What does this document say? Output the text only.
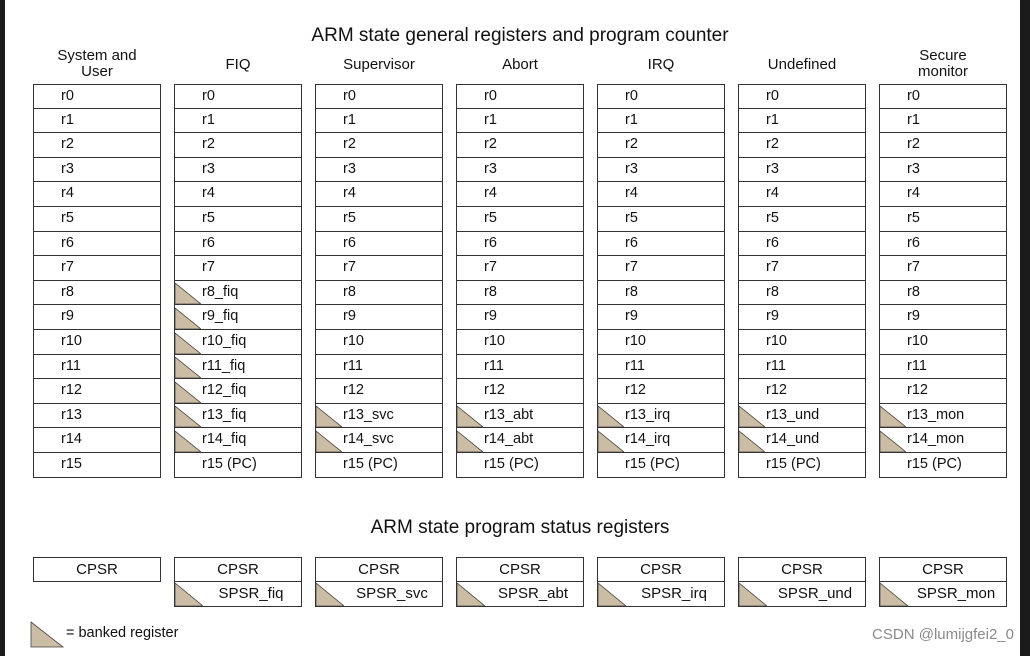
ARM state general registers and program counter
System and
User
r0
r1
r2
r3
r4
r5
r6
r7
r8
r9
r10
r11
r12
r13
r14
r15
FIQ
r0
r1
r2
r3
r4
r5
r6
r7
r8_fiq
r9_fiq
r10_fiq
r11_fiq
r12_fiq
r13_fiq
r14_fiq
r15 (PC)
Supervisor
r0
r1
r2
r3
r4
r5
r6
r7
r8
r9
r10
r11
r12
r13_svc
r14_svc
r15 (PC)
Abort
r0
r1
r2
r3
r4
r5
r6
r7
r8
r9
r10
r11
r12
r13_abt
r14_abt
r15 (PC)
IRQ
r0
r1
r2
r3
r4
r5
r6
r7
r8
r9
r10
r11
r12
r13_irq
r14_irq
r15 (PC)
Undefined
r0
r1
r2
r3
r4
r5
r6
r7
r8
r9
r10
r11
r12
r13_und
r14_und
r15 (PC)
Secure
monitor
r0
r1
r2
r3
r4
r5
r6
r7
r8
r9
r10
r11
r12
r13_mon
r14_mon
r15 (PC)
ARM state program status registers
CPSR	CPSR
SPSR_fiq
CPSR
SPSR_svc
CPSR
SPSR_abt
CPSR
SPSR_irq
CPSR
SPSR_und
CPSR
SPSR_mon
= banked register	CSDN @lumijgfei2_0
